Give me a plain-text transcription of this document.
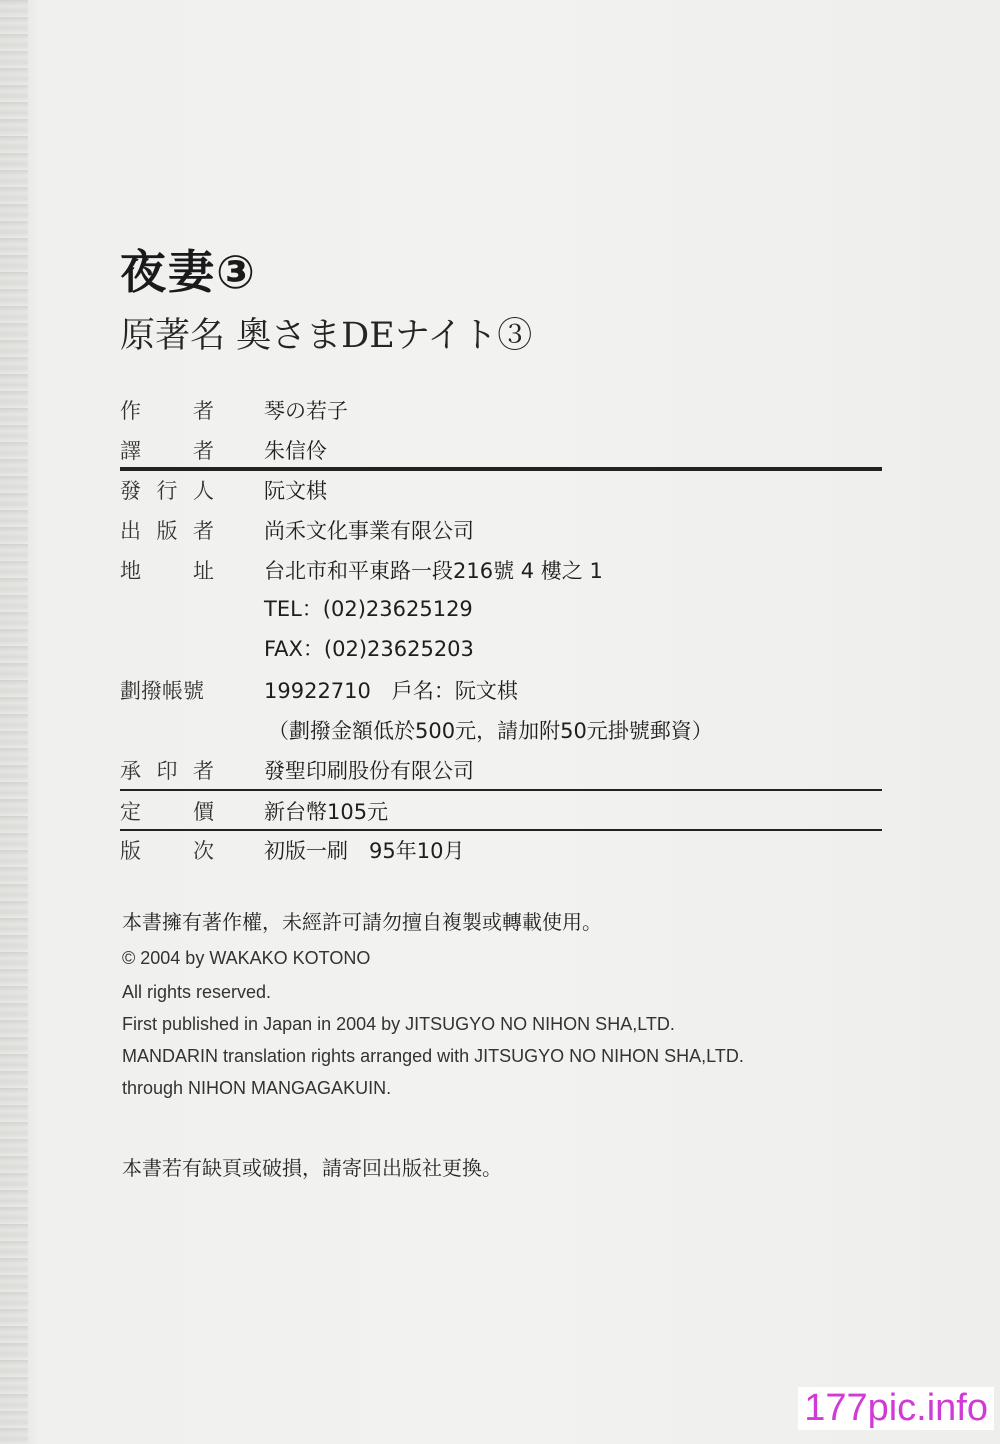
夜妻③
原著名 奧さまDEナイト③
作 者 琴の若子
譯 者 朱信伶
發 行 人 阮文棋
出 版 者 尚禾文化事業有限公司
地 址 台北市和平東路一段216號 4 樓之 1
TEL：(02)23625129
FAX：(02)23625203
劃撥帳號	19922710　戶名：阮文棋
（劃撥金額低於500元，請加附50元掛號郵資）
承 印 者 發聖印刷股份有限公司
定 價 新台幣105元
版 次 初版一刷　95年10月
本書擁有著作權，未經許可請勿擅自複製或轉載使用。
© 2004 by WAKAKO KOTONO
All rights reserved.
First published in Japan in 2004 by JITSUGYO NO NIHON SHA,LTD.
MANDARIN translation rights arranged with JITSUGYO NO NIHON SHA,LTD.
through NIHON MANGAGAKUIN.
本書若有缺頁或破損，請寄回出版社更換。
177pic.info
